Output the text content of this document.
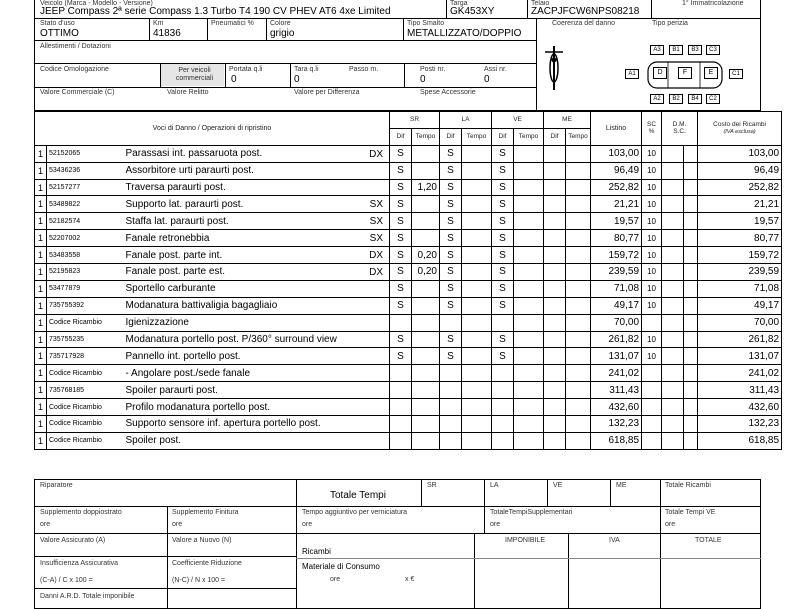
Veicolo (Marca - Modello - Versione)
JEEP Compass 2ª serie Compass 1.3 Turbo T4 190 CV PHEV AT6 4xe Limited
Targa
GK453XY
Telaio
ZACPJFCW6NPS08218
1° Immatricolazione
Stato d'uso
OTTIMO
Km
41836
Pneumatici % Colore
grigio
Tipo Smalto
METALLIZZATO/DOPPIO
Coerenza del danno	Tipo perizia
Allestimenti / Dotazioni
Codice Omologazione	Per veicoli commerciali
Portata q.li
0
Tara q.li
0
Passo m.	Posti nr.
0
Assi nr.
0
Valore Commerciale (C)	Valore Relitto	Valore per Differenza	Spese Accessorie
A3	B1	B3	C3
A1	C1
D	F	E
A2	B2	B4	C2
Voci di Danno / Operazioni di ripristino			SR		LA		VE		ME		Listino	SC
%	D.M.
S.C.		Costo dei Ricambi
(IVA esclusa)
			Dif	Tempo	Dif	Tempo	Dif	Tempo	Dif	Tempo					
1	52152065	Parassasi int. passaruota post. DX	S		S		S				103,00	10			103,00
1	53436236	Assorbitore urti paraurti post.	S		S		S				96,49	10			96,49
1	52157277	Traversa paraurti post.	S	1,20	S		S				252,82	10			252,82
1	53489822	Supporto lat. paraurti post. SX	S		S		S				21,21	10			21,21
1	52182574	Staffa lat. paraurti post. SX	S		S		S				19,57	10			19,57
1	52207002	Fanale retronebbia SX	S		S		S				80,77	10			80,77
1	53483558	Fanale post. parte int. DX	S	0,20	S		S				159,72	10			159,72
1	52195823	Fanale post. parte est. DX	S	0,20	S		S				239,59	10			239,59
1	53477879	Sportello carburante	S		S		S				71,08	10			71,08
1	735755392	Modanatura battivaligia bagagliaio	S		S		S				49,17	10			49,17
1	Codice Ricambio	Igienizzazione									70,00				70,00
1	735755235	Modanatura portello post. P/360° surround view	S		S		S				261,82	10			261,82
1	735717928	Pannello int. portello post.	S		S		S				131,07	10			131,07
1	Codice Ricambio	- Angolare post./sede fanale									241,02				241,02
1	735768185	Spoiler paraurti post.									311,43				311,43
1	Codice Ricambio	Profilo modanatura portello post.									432,60				432,60
1	Codice Ricambio	Supporto sensore inf. apertura portello post.									132,23				132,23
1	Codice Ricambio	Spoiler post.									618,85				618,85
Riparatore
Totale Tempi
SR	LA	VE	ME	Totale Ricambi
Supplemento doppiostrato
ore
Supplemento Finitura
ore
Tempo aggiuntivo per verniciatura
ore
TotaleTempiSupplementari
ore
Totale Tempi VE
ore
Valore Assicurato (A)	Valore a Nuovo (N)	IMPONIBILE	IVA	TOTALE
Ricambi
Insufficienza Assicurativa	Coefficiente Riduzione	Materiale di Consumo
(C-A) / C x 100 =	(N-C) / N x 100 =	ore	x €
Danni A.R.D. Totale imponibile
